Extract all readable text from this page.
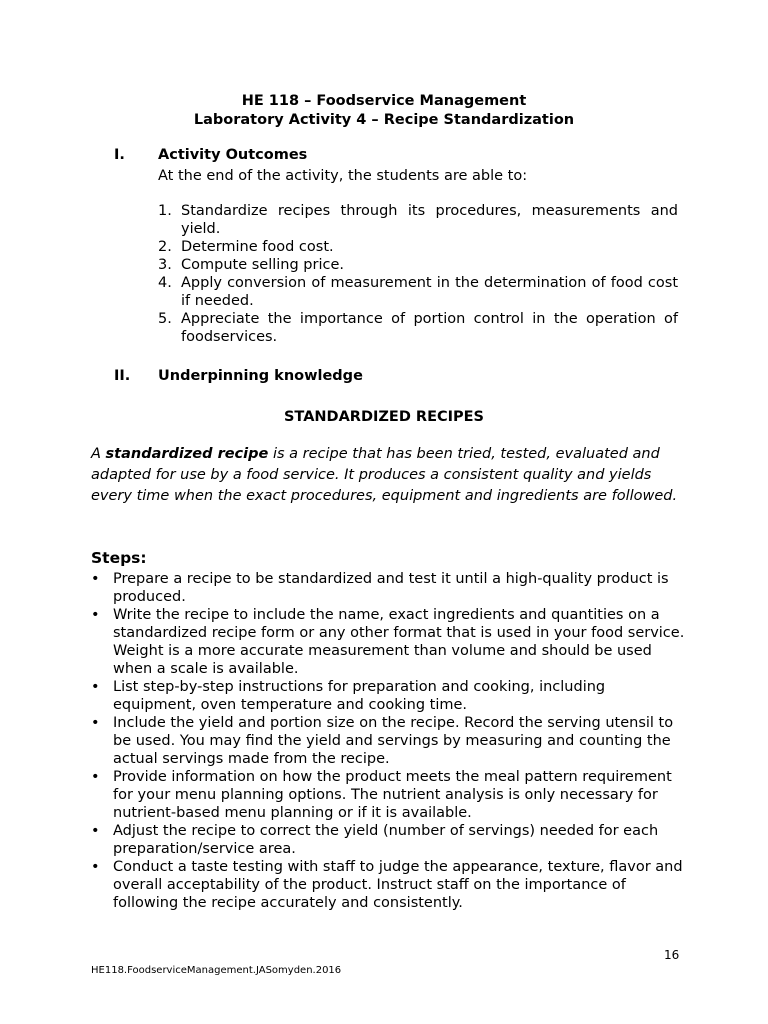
HE 118 – Foodservice Management
Laboratory Activity 4 – Recipe Standardization
I. Activity Outcomes
At the end of the activity, the students are able to:
1. Standardize recipes through its procedures, measurements and yield.
2. Determine food cost.
3. Compute selling price.
4. Apply conversion of measurement in the determination of food cost if needed.
5. Appreciate the importance of portion control in the operation of foodservices.
II. Underpinning knowledge
STANDARDIZED RECIPES

A standardized recipe is a recipe that has been tried, tested, evaluated and adapted for use by a food service. It produces a consistent quality and yields every time when the exact procedures, equipment and ingredients are followed.

Steps:
• Prepare a recipe to be standardized and test it until a high-quality product is produced.
• Write the recipe to include the name, exact ingredients and quantities on a standardized recipe form or any other format that is used in your food service. Weight is a more accurate measurement than volume and should be used when a scale is available.
• List step-by-step instructions for preparation and cooking, including equipment, oven temperature and cooking time.
• Include the yield and portion size on the recipe. Record the serving utensil to be used. You may find the yield and servings by measuring and counting the actual servings made from the recipe.
• Provide information on how the product meets the meal pattern requirement for your menu planning options. The nutrient analysis is only necessary for nutrient-based menu planning or if it is available.
• Adjust the recipe to correct the yield (number of servings) needed for each preparation/service area.
• Conduct a taste testing with staff to judge the appearance, texture, flavor and overall acceptability of the product. Instruct staff on the importance of following the recipe accurately and consistently.
16
HE118.FoodserviceManagement.JASomyden.2016
